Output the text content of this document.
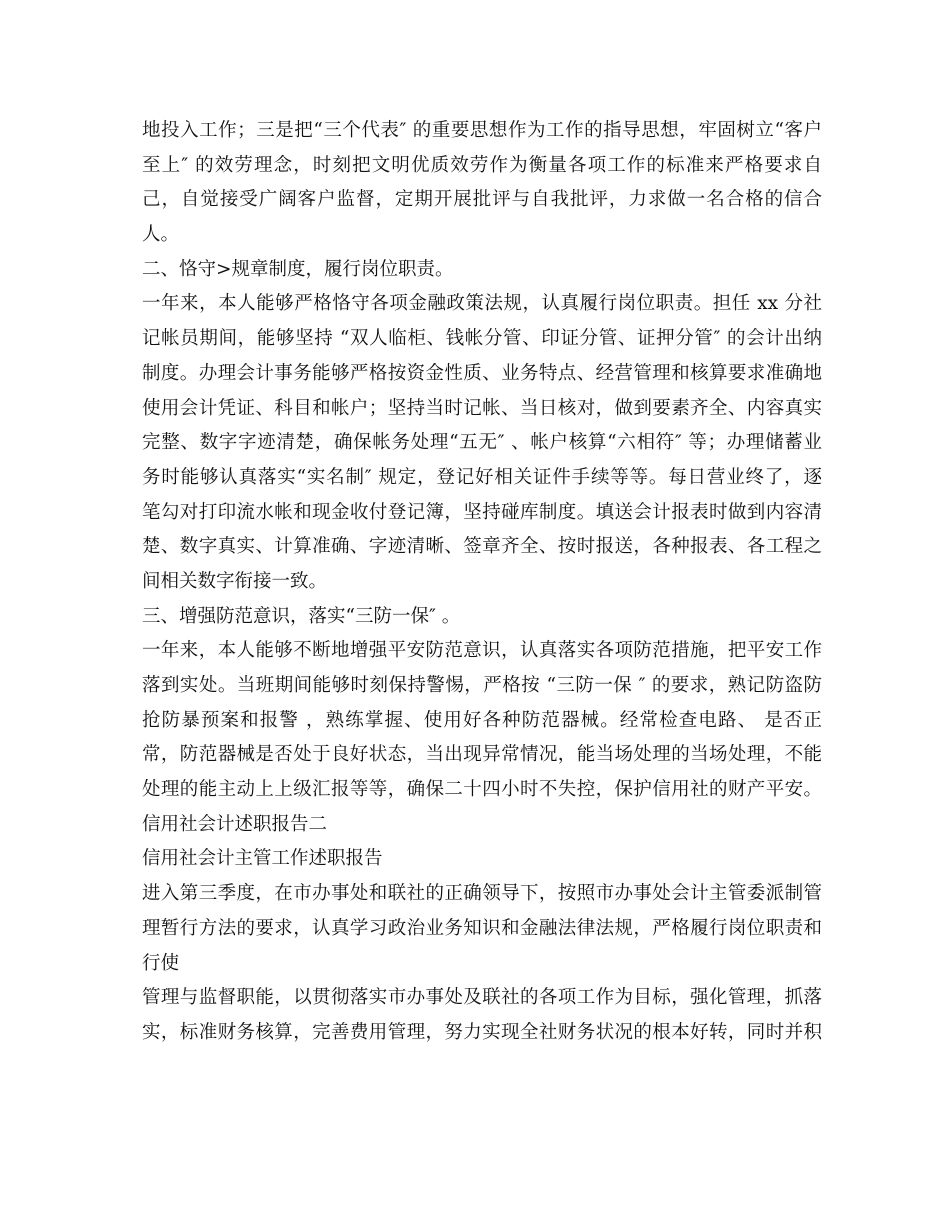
地投入工作；三是把“三个代表″ 的重要思想作为工作的指导思想，牢固树立“客户
至上″ 的效劳理念，时刻把文明优质效劳作为衡量各项工作的标准来严格要求自
己，自觉接受广阔客户监督，定期开展批评与自我批评，力求做一名合格的信合
人。
二、恪守>规章制度，履行岗位职责。
一年来，本人能够严格恪守各项金融政策法规，认真履行岗位职责。担任 xx 分社
记帐员期间，能够坚持 “双人临柜、钱帐分管、印证分管、证押分管″ 的会计出纳
制度。办理会计事务能够严格按资金性质、业务特点、经营管理和核算要求准确地
使用会计凭证、科目和帐户；坚持当时记帐、当日核对，做到要素齐全、内容真实
完整、数字字迹清楚，确保帐务处理“五无″ 、帐户核算“六相符″ 等；办理储蓄业
务时能够认真落实“实名制″ 规定，登记好相关证件手续等等。每日营业终了，逐
笔勾对打印流水帐和现金收付登记簿，坚持碰库制度。填送会计报表时做到内容清
楚、数字真实、计算准确、字迹清晰、签章齐全、按时报送，各种报表、各工程之
间相关数字衔接一致。
三、增强防范意识，落实“三防一保″ 。
一年来，本人能够不断地增强平安防范意识，认真落实各项防范措施，把平安工作
落到实处。当班期间能够时刻保持警惕，严格按 “三防一保 ″ 的要求，熟记防盗防
抢防暴预案和报警 ，熟练掌握、使用好各种防范器械。经常检查电路、 是否正
常，防范器械是否处于良好状态，当出现异常情况，能当场处理的当场处理，不能
处理的能主动上上级汇报等等，确保二十四小时不失控，保护信用社的财产平安。
信用社会计述职报告二
信用社会计主管工作述职报告
进入第三季度，在市办事处和联社的正确领导下，按照市办事处会计主管委派制管
理暂行方法的要求，认真学习政治业务知识和金融法律法规，严格履行岗位职责和
行使
管理与监督职能，以贯彻落实市办事处及联社的各项工作为目标，强化管理，抓落
实，标准财务核算，完善费用管理，努力实现全社财务状况的根本好转，同时并积
